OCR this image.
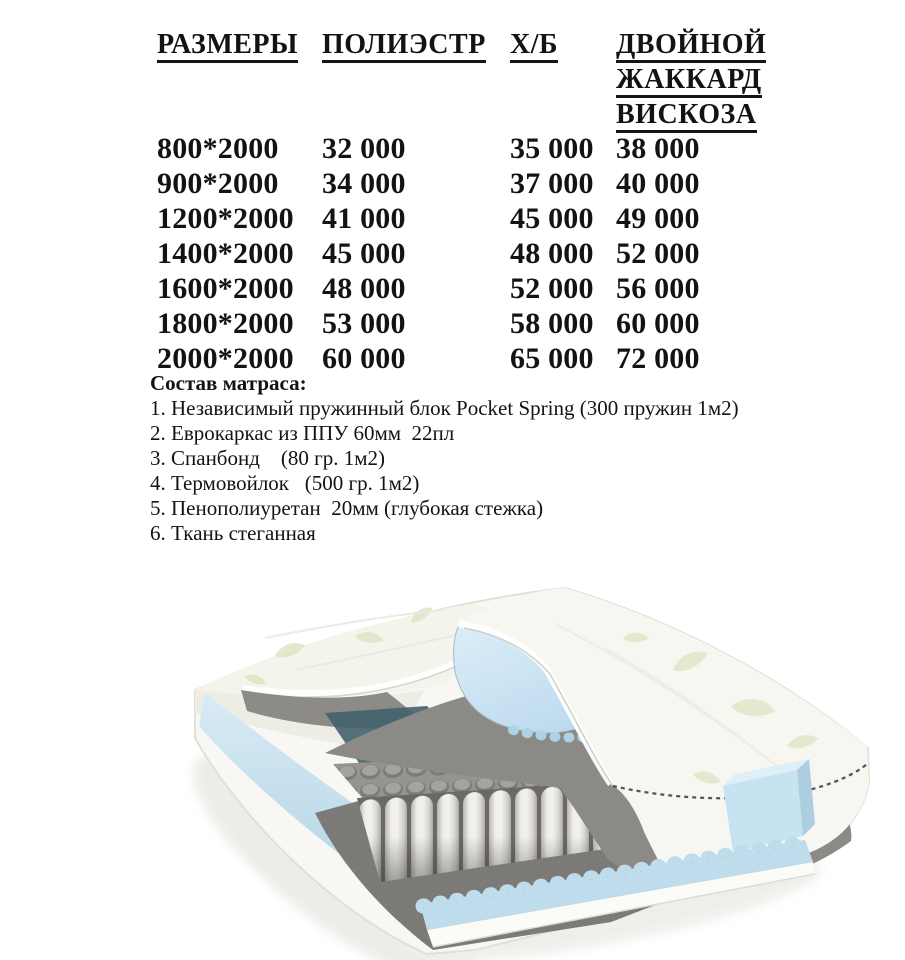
РАЗМЕРЫ ПОЛИЭСТР Х/Б	ДВОЙНОЙ
ЖАККАРД
ВИСКОЗА
800*2000	32 000	35 000 38 000
900*2000	34 000	37 000 40 000
1200*2000 41 000	45 000 49 000
1400*2000 45 000	48 000 52 000
1600*2000 48 000	52 000 56 000
1800*2000 53 000	58 000 60 000
2000*2000 60 000	65 000 72 000
Состав матраса:
1. Независимый пружинный блок Pocket Spring (300 пружин 1м2)
2. Еврокаркас из ППУ 60мм  22пл
3. Спанбонд    (80 гр. 1м2)
4. Термовойлок   (500 гр. 1м2)
5. Пенополиуретан  20мм (глубокая стежка)
6. Ткань стеганная
